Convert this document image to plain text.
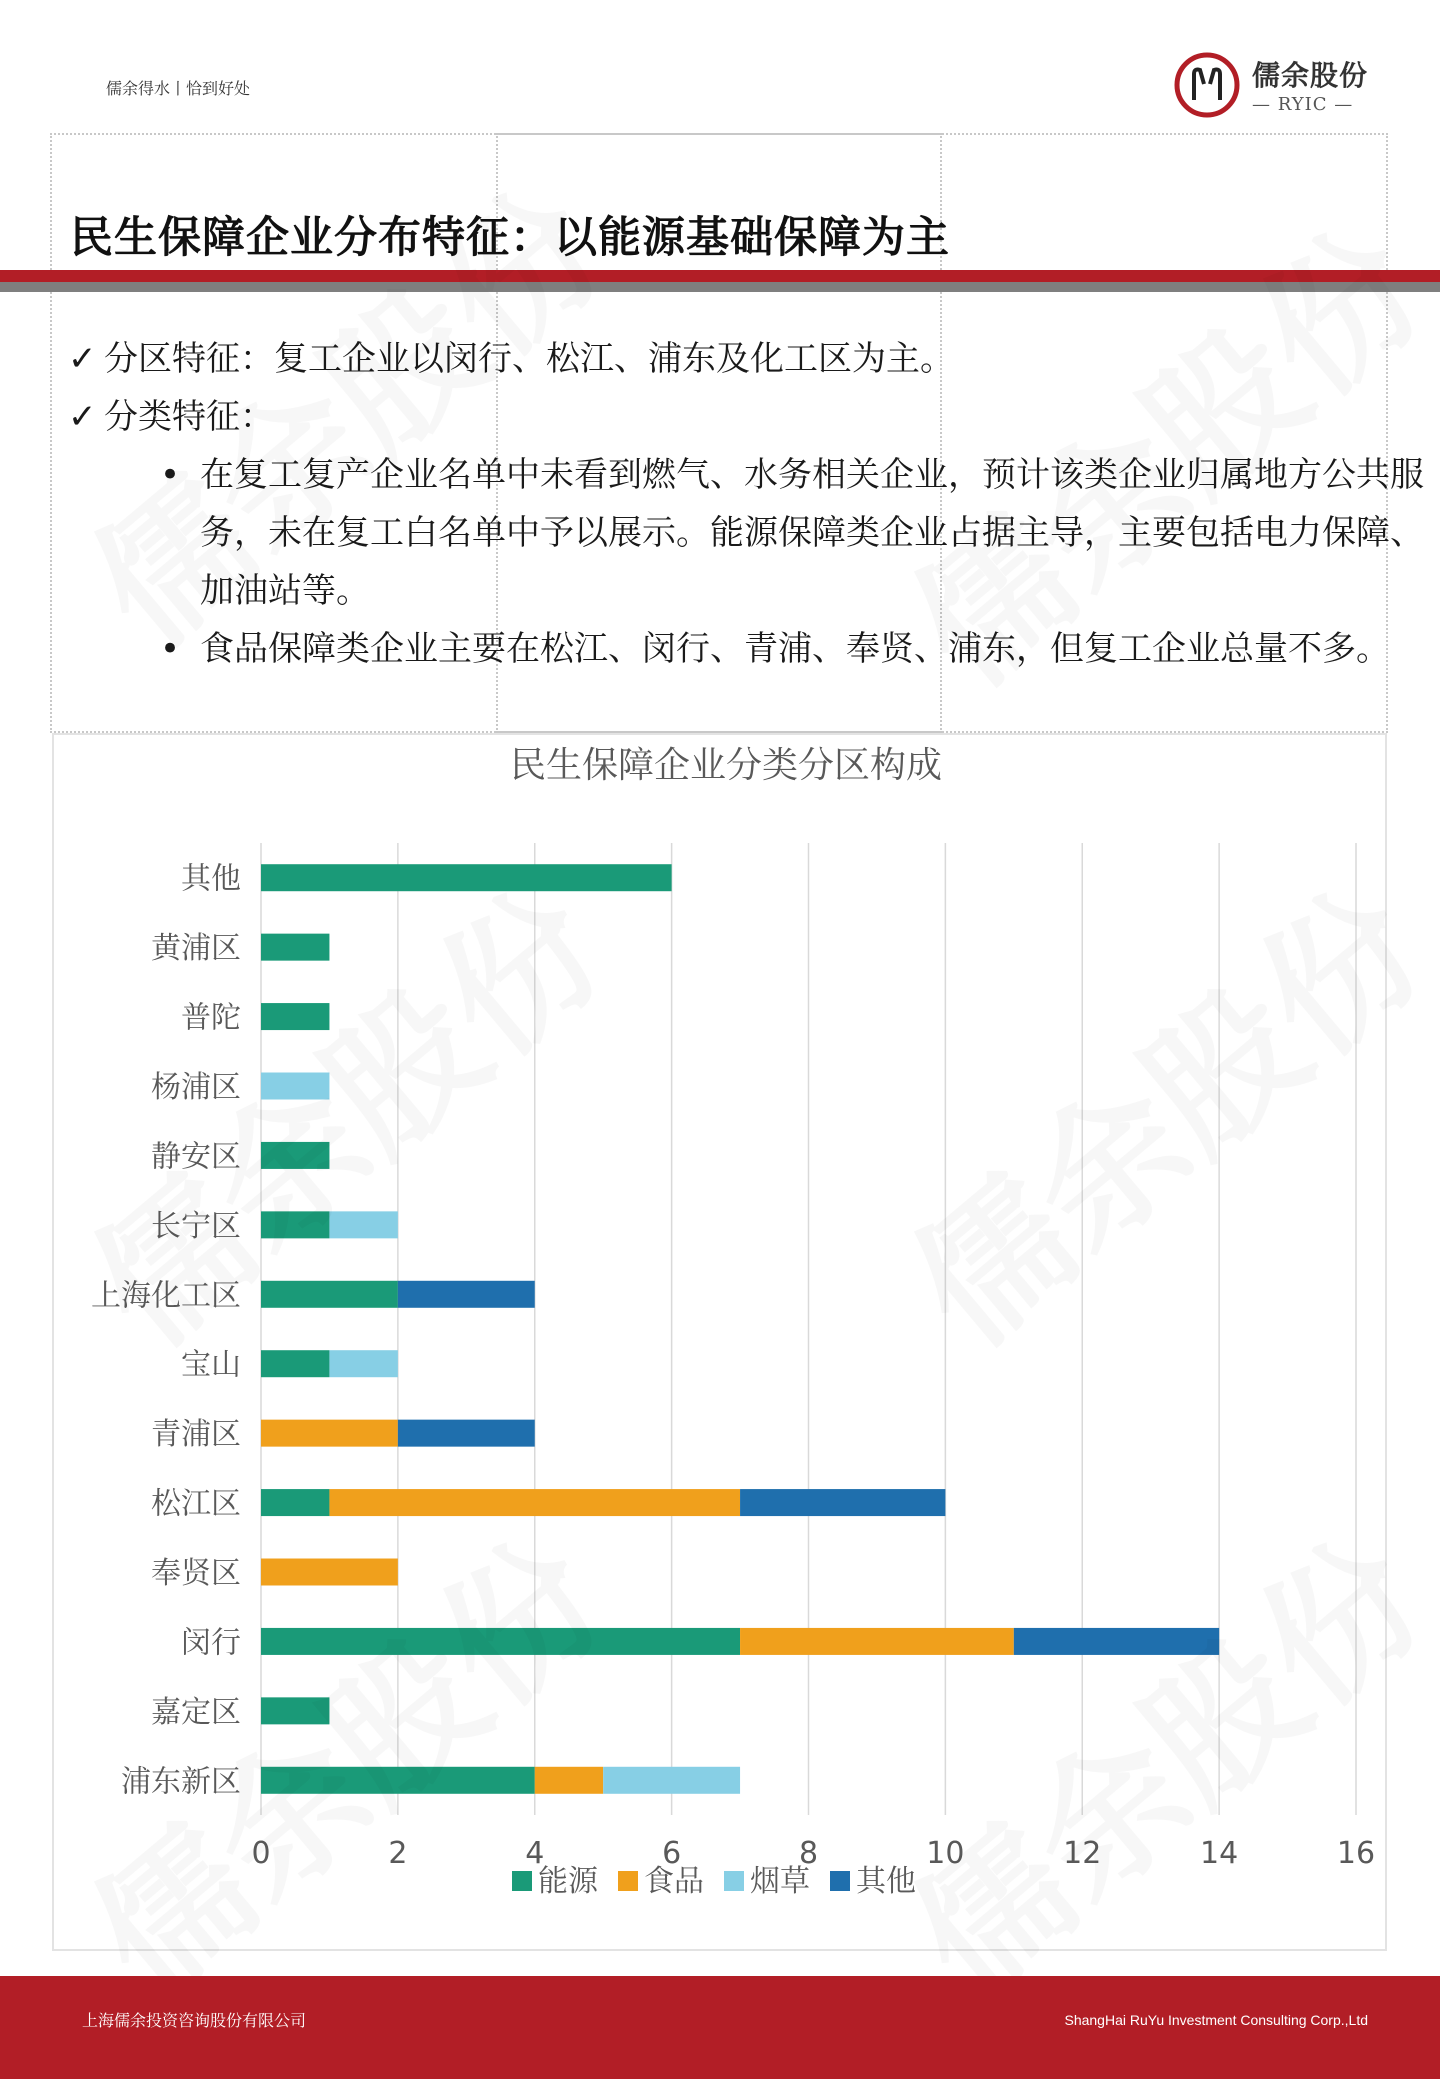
儒余得水丨恰到好处	儒余股份
— RYIC —
民生保障企业分布特征：以能源基础保障为主
✓ 分区特征：复工企业以闵行、松江、浦东及化工区为主。
✓ 分类特征：
• 在复工复产企业名单中未看到燃气、水务相关企业，预计该类企业归属地方公共服务，未在复工白名单中予以展示。能源保障类企业占据主导，主要包括电力保障、加油站等。
• 食品保障类企业主要在松江、闵行、青浦、奉贤、浦东，但复工企业总量不多。
民生保障企业分类分区构成
0	2	4	6	8	10	12	14	16
其他
黄浦区
普陀
杨浦区
静安区
长宁区
上海化工区
宝山
青浦区
松江区
奉贤区
闵行
嘉定区
浦东新区
能源 食品 烟草 其他
上海儒余投资咨询股份有限公司	ShangHai RuYu Investment Consulting Corp.,Ltd
